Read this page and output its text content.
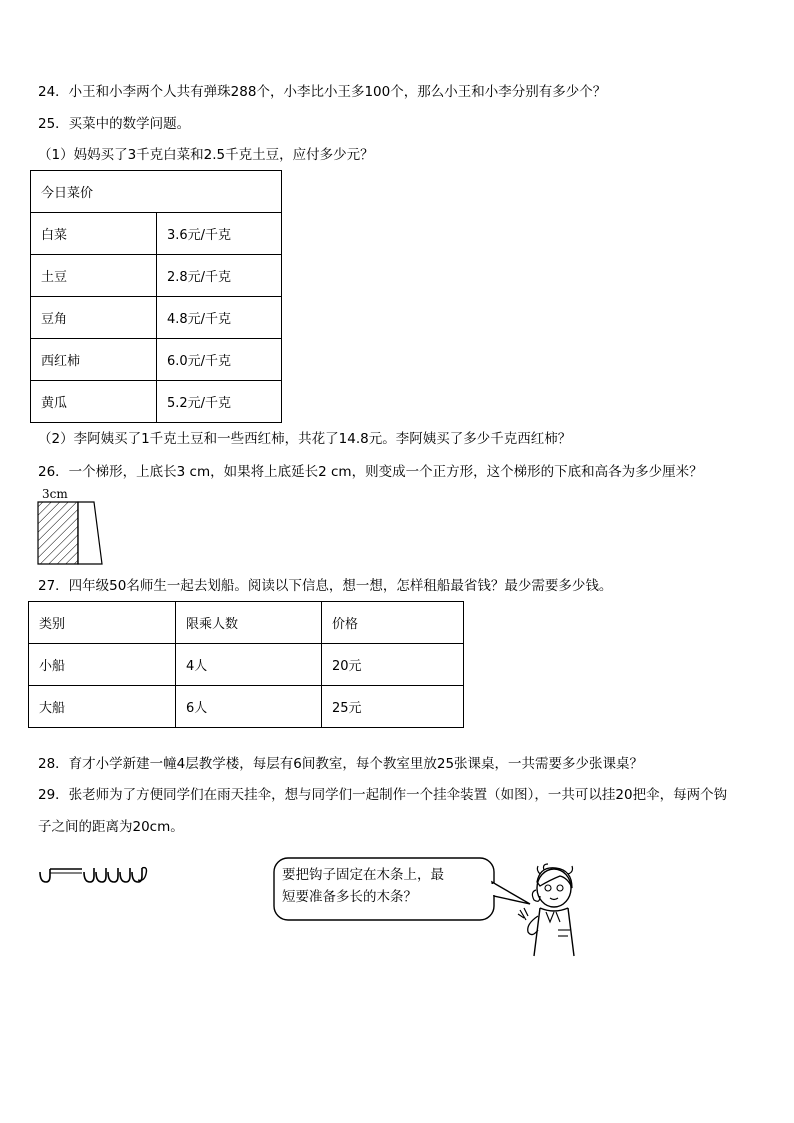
24．小王和小李两个人共有弹珠288个，小李比小王多100个，那么小王和小李分别有多少个？
25．买菜中的数学问题。
（1）妈妈买了3千克白菜和2.5千克土豆，应付多少元？
今日菜价	
白菜	3.6元/千克
土豆	2.8元/千克
豆角	4.8元/千克
西红柿	6.0元/千克
黄瓜	5.2元/千克
（2）李阿姨买了1千克土豆和一些西红柿，共花了14.8元。李阿姨买了多少千克西红柿？
26．一个梯形，上底长3 cm，如果将上底延长2 cm，则变成一个正方形，这个梯形的下底和高各为多少厘米？
3cm
27．四年级50名师生一起去划船。阅读以下信息，想一想，怎样租船最省钱？最少需要多少钱。
类别	限乘人数	价格
小船	4人	20元
大船	6人	25元
28．育才小学新建一幢4层教学楼，每层有6间教室，每个教室里放25张课桌，一共需要多少张课桌？
29．张老师为了方便同学们在雨天挂伞，想与同学们一起制作一个挂伞装置（如图），一共可以挂20把伞，每两个钩
子之间的距离为20cm。
要把钩子固定在木条上，最
短要准备多长的木条？
